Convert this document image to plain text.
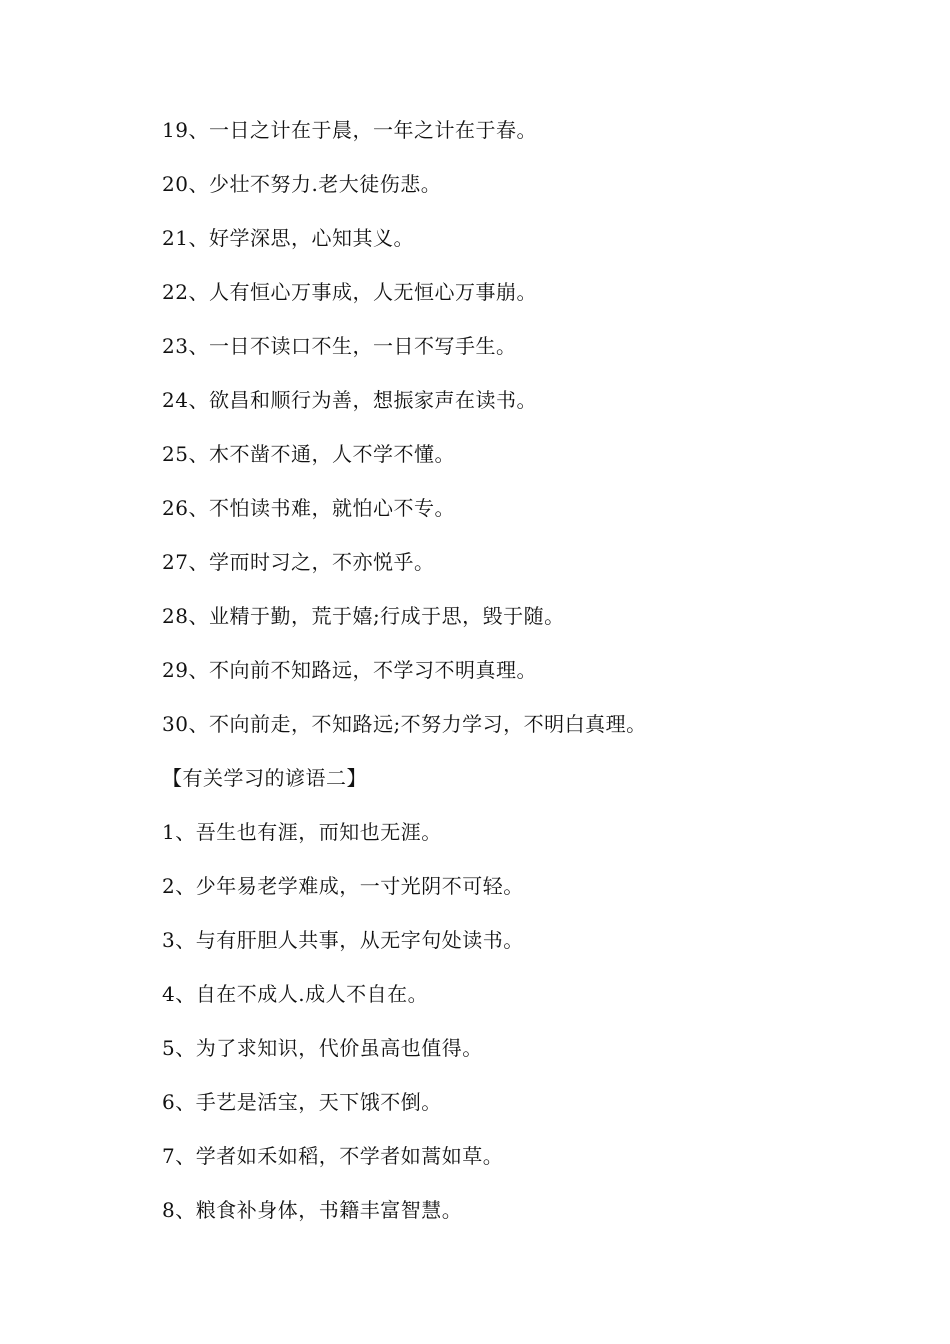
19、一日之计在于晨，一年之计在于春。
20、少壮不努力.老大徒伤悲。
21、好学深思，心知其义。
22、人有恒心万事成，人无恒心万事崩。
23、一日不读口不生，一日不写手生。
24、欲昌和顺行为善，想振家声在读书。
25、木不凿不通，人不学不懂。
26、不怕读书难，就怕心不专。
27、学而时习之，不亦悦乎。
28、业精于勤，荒于嬉;行成于思，毁于随。
29、不向前不知路远，不学习不明真理。
30、不向前走，不知路远;不努力学习，不明白真理。
【有关学习的谚语二】
1、吾生也有涯，而知也无涯。
2、少年易老学难成，一寸光阴不可轻。
3、与有肝胆人共事，从无字句处读书。
4、自在不成人.成人不自在。
5、为了求知识，代价虽高也值得。
6、手艺是活宝，天下饿不倒。
7、学者如禾如稻，不学者如蒿如草。
8、粮食补身体，书籍丰富智慧。
